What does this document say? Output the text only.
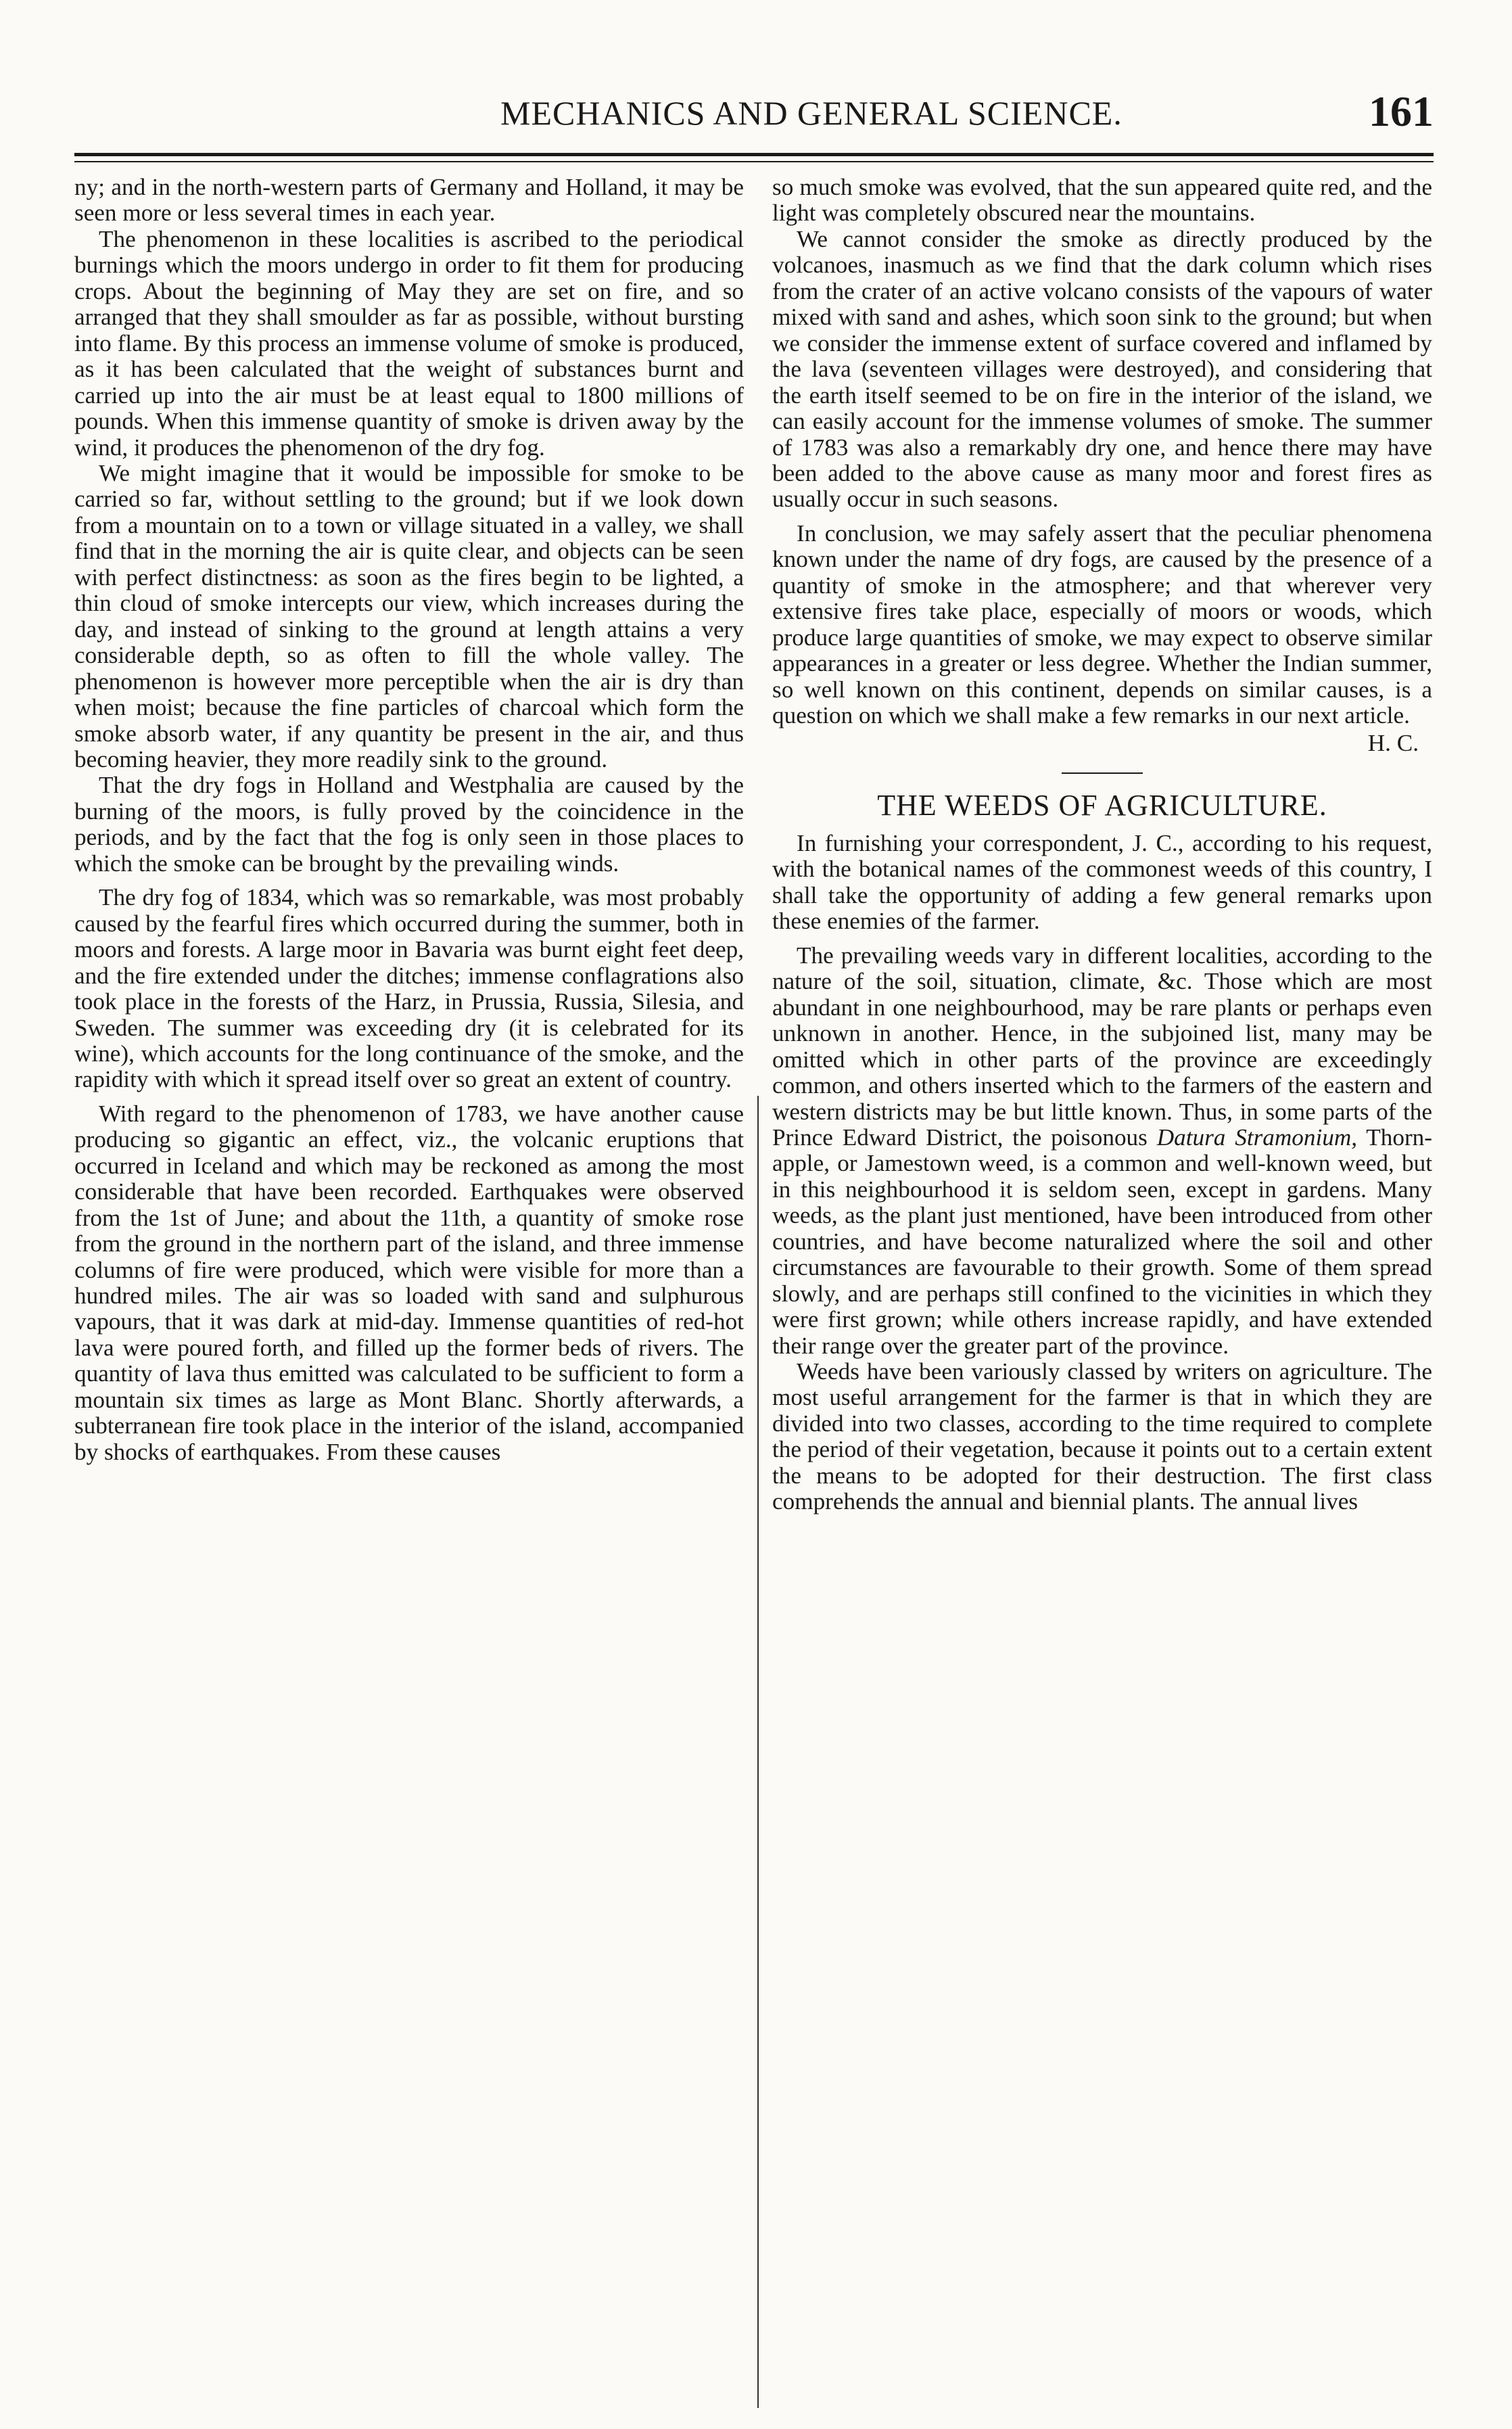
MECHANICS AND GENERAL SCIENCE.	161

ny; and in the north-western parts of Germany and Holland, it may be seen more or less several times in each year.

The phenomenon in these localities is ascribed to the periodical burnings which the moors undergo in order to fit them for producing crops. About the beginning of May they are set on fire, and so arranged that they shall smoulder as far as possible, without bursting into flame. By this process an immense volume of smoke is produced, as it has been calculated that the weight of substances burnt and carried up into the air must be at least equal to 1800 millions of pounds. When this immense quantity of smoke is driven away by the wind, it produces the phenomenon of the dry fog.

We might imagine that it would be impossible for smoke to be carried so far, without settling to the ground; but if we look down from a mountain on to a town or village situated in a valley, we shall find that in the morning the air is quite clear, and objects can be seen with perfect distinctness: as soon as the fires begin to be lighted, a thin cloud of smoke intercepts our view, which increases during the day, and instead of sinking to the ground at length attains a very considerable depth, so as often to fill the whole valley. The phenomenon is however more perceptible when the air is dry than when moist; because the fine particles of charcoal which form the smoke absorb water, if any quantity be present in the air, and thus becoming heavier, they more readily sink to the ground.

That the dry fogs in Holland and Westphalia are caused by the burning of the moors, is fully proved by the coincidence in the periods, and by the fact that the fog is only seen in those places to which the smoke can be brought by the prevailing winds.

The dry fog of 1834, which was so remarkable, was most probably caused by the fearful fires which occurred during the summer, both in moors and forests. A large moor in Bavaria was burnt eight feet deep, and the fire extended under the ditches; immense conflagrations also took place in the forests of the Harz, in Prussia, Russia, Silesia, and Sweden. The summer was exceeding dry (it is celebrated for its wine), which accounts for the long continuance of the smoke, and the rapidity with which it spread itself over so great an extent of country.

With regard to the phenomenon of 1783, we have another cause producing so gigantic an effect, viz., the volcanic eruptions that occurred in Iceland and which may be reckoned as among the most considerable that have been recorded. Earthquakes were observed from the 1st of June; and about the 11th, a quantity of smoke rose from the ground in the northern part of the island, and three immense columns of fire were produced, which were visible for more than a hundred miles. The air was so loaded with sand and sulphurous vapours, that it was dark at mid-day. Immense quantities of red-hot lava were poured forth, and filled up the former beds of rivers. The quantity of lava thus emitted was calculated to be sufficient to form a mountain six times as large as Mont Blanc. Shortly afterwards, a subterranean fire took place in the interior of the island, accompanied by shocks of earthquakes. From these causes

so much smoke was evolved, that the sun appeared quite red, and the light was completely obscured near the mountains.

We cannot consider the smoke as directly produced by the volcanoes, inasmuch as we find that the dark column which rises from the crater of an active volcano consists of the vapours of water mixed with sand and ashes, which soon sink to the ground; but when we consider the immense extent of surface covered and inflamed by the lava (seventeen villages were destroyed), and considering that the earth itself seemed to be on fire in the interior of the island, we can easily account for the immense volumes of smoke. The summer of 1783 was also a remarkably dry one, and hence there may have been added to the above cause as many moor and forest fires as usually occur in such seasons.

In conclusion, we may safely assert that the peculiar phenomena known under the name of dry fogs, are caused by the presence of a quantity of smoke in the atmosphere; and that wherever very extensive fires take place, especially of moors or woods, which produce large quantities of smoke, we may expect to observe similar appearances in a greater or less degree. Whether the Indian summer, so well known on this continent, depends on similar causes, is a question on which we shall make a few remarks in our next article.

H. C.
THE WEEDS OF AGRICULTURE.

In furnishing your correspondent, J. C., according to his request, with the botanical names of the commonest weeds of this country, I shall take the opportunity of adding a few general remarks upon these enemies of the farmer.

The prevailing weeds vary in different localities, according to the nature of the soil, situation, climate, &c. Those which are most abundant in one neighbourhood, may be rare plants or perhaps even unknown in another. Hence, in the subjoined list, many may be omitted which in other parts of the province are exceedingly common, and others inserted which to the farmers of the eastern and western districts may be but little known. Thus, in some parts of the Prince Edward District, the poisonous Datura Stramonium, Thorn-apple, or Jamestown weed, is a common and well-known weed, but in this neighbourhood it is seldom seen, except in gardens. Many weeds, as the plant just mentioned, have been introduced from other countries, and have become naturalized where the soil and other circumstances are favourable to their growth. Some of them spread slowly, and are perhaps still confined to the vicinities in which they were first grown; while others increase rapidly, and have extended their range over the greater part of the province.

Weeds have been variously classed by writers on agriculture. The most useful arrangement for the farmer is that in which they are divided into two classes, according to the time required to complete the period of their vegetation, because it points out to a certain extent the means to be adopted for their destruction. The first class comprehends the annual and biennial plants. The annual lives
